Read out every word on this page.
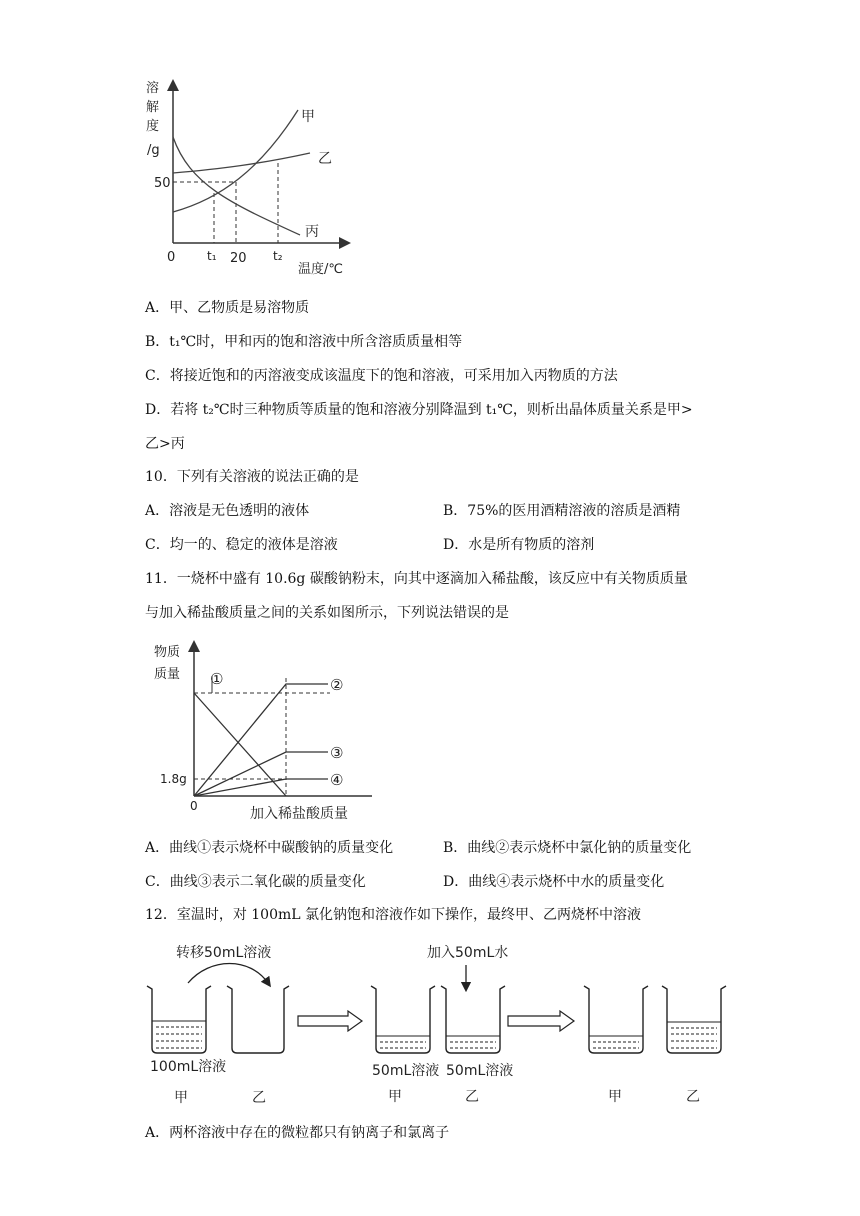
溶
解
度
/g
0
50
甲
乙
丙
t₁ 20 t₂
温度/℃
A．甲、乙物质是易溶物质
B．t₁℃时，甲和丙的饱和溶液中所含溶质质量相等
C．将接近饱和的丙溶液变成该温度下的饱和溶液，可采用加入丙物质的方法
D．若将 t₂℃时三种物质等质量的饱和溶液分别降温到 t₁℃，则析出晶体质量关系是甲>
乙>丙
10．下列有关溶液的说法正确的是
A．溶液是无色透明的液体	B．75%的医用酒精溶液的溶质是酒精
C．均一的、稳定的液体是溶液	D．水是所有物质的溶剂
11．一烧杯中盛有 10.6g 碳酸钠粉末，向其中逐滴加入稀盐酸，该反应中有关物质质量
与加入稀盐酸质量之间的关系如图所示，下列说法错误的是
物质
质量 ①	②
③
④
1.8g
0	加入稀盐酸质量
A．曲线①表示烧杯中碳酸钠的质量变化	B．曲线②表示烧杯中氯化钠的质量变化
C．曲线③表示二氧化碳的质量变化	D．曲线④表示烧杯中水的质量变化
12．室温时，对 100mL 氯化钠饱和溶液作如下操作，最终甲、乙两烧杯中溶液
转移50mL溶液	加入50mL水
100mL溶液
甲	乙
50mL溶液 50mL溶液
甲	乙	甲	乙
A．两杯溶液中存在的微粒都只有钠离子和氯离子
